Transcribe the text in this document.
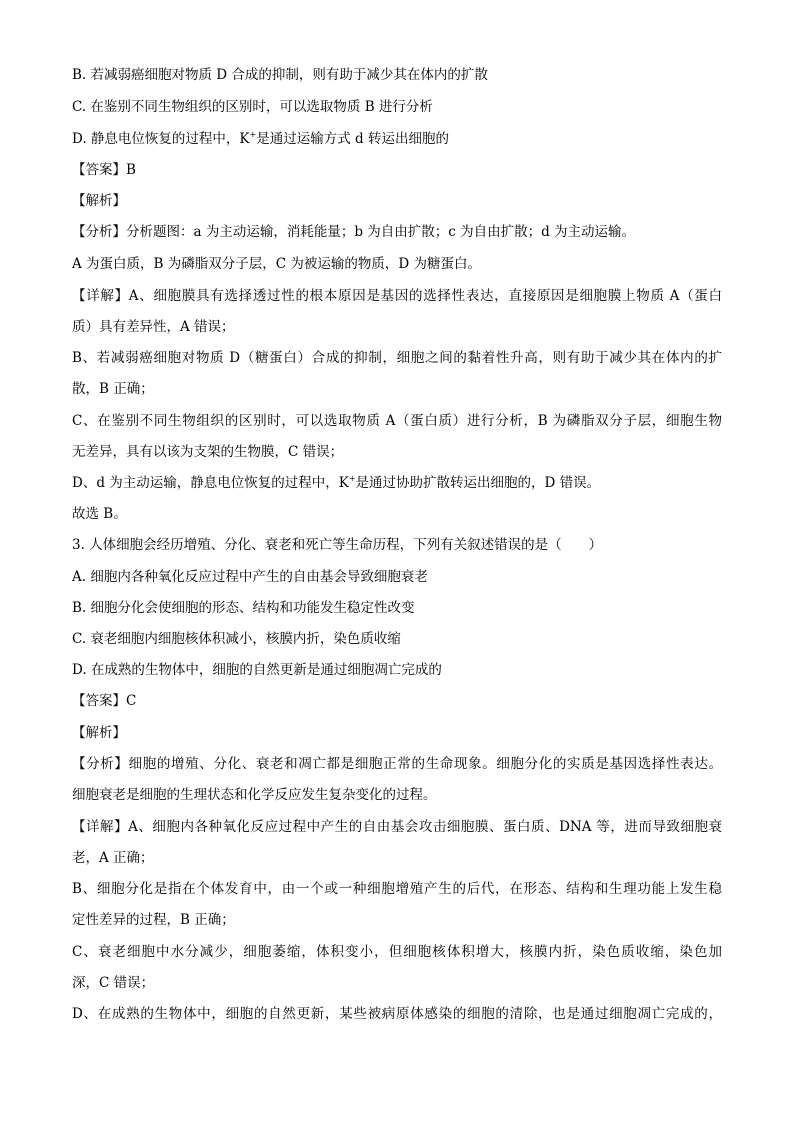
B. 若减弱癌细胞对物质 D 合成的抑制，则有助于减少其在体内的扩散
C. 在鉴别不同生物组织的区别时，可以选取物质 B 进行分析
D. 静息电位恢复的过程中，K+是通过运输方式 d 转运出细胞的
【答案】B
【解析】
【分析】分析题图：a 为主动运输，消耗能量；b 为自由扩散；c 为自由扩散；d 为主动运输。
A 为蛋白质，B 为磷脂双分子层，C 为被运输的物质，D 为糖蛋白。
【详解】A、细胞膜具有选择透过性的根本原因是基因的选择性表达，直接原因是细胞膜上物质 A（蛋白
质）具有差异性，A 错误；
B、若减弱癌细胞对物质 D（糖蛋白）合成的抑制，细胞之间的黏着性升高，则有助于减少其在体内的扩
散，B 正确；
C、在鉴别不同生物组织的区别时，可以选取物质 A（蛋白质）进行分析，B 为磷脂双分子层，细胞生物
无差异，具有以该为支架的生物膜，C 错误；
D、d 为主动运输，静息电位恢复的过程中，K+是通过协助扩散转运出细胞的，D 错误。
故选 B。
3. 人体细胞会经历增殖、分化、衰老和死亡等生命历程，下列有关叙述错误的是（　　）
A. 细胞内各种氧化反应过程中产生的自由基会导致细胞衰老
B. 细胞分化会使细胞的形态、结构和功能发生稳定性改变
C. 衰老细胞内细胞核体积减小，核膜内折，染色质收缩
D. 在成熟的生物体中，细胞的自然更新是通过细胞凋亡完成的
【答案】C
【解析】
【分析】细胞的增殖、分化、衰老和凋亡都是细胞正常的生命现象。细胞分化的实质是基因选择性表达。
细胞衰老是细胞的生理状态和化学反应发生复杂变化的过程。
【详解】A、细胞内各种氧化反应过程中产生的自由基会攻击细胞膜、蛋白质、DNA 等，进而导致细胞衰
老，A 正确；
B、细胞分化是指在个体发育中，由一个或一种细胞增殖产生的后代，在形态、结构和生理功能上发生稳
定性差异的过程，B 正确；
C、衰老细胞中水分减少，细胞萎缩，体积变小，但细胞核体积增大，核膜内折，染色质收缩，染色加
深，C 错误；
D、在成熟的生物体中，细胞的自然更新，某些被病原体感染的细胞的清除，也是通过细胞凋亡完成的，
